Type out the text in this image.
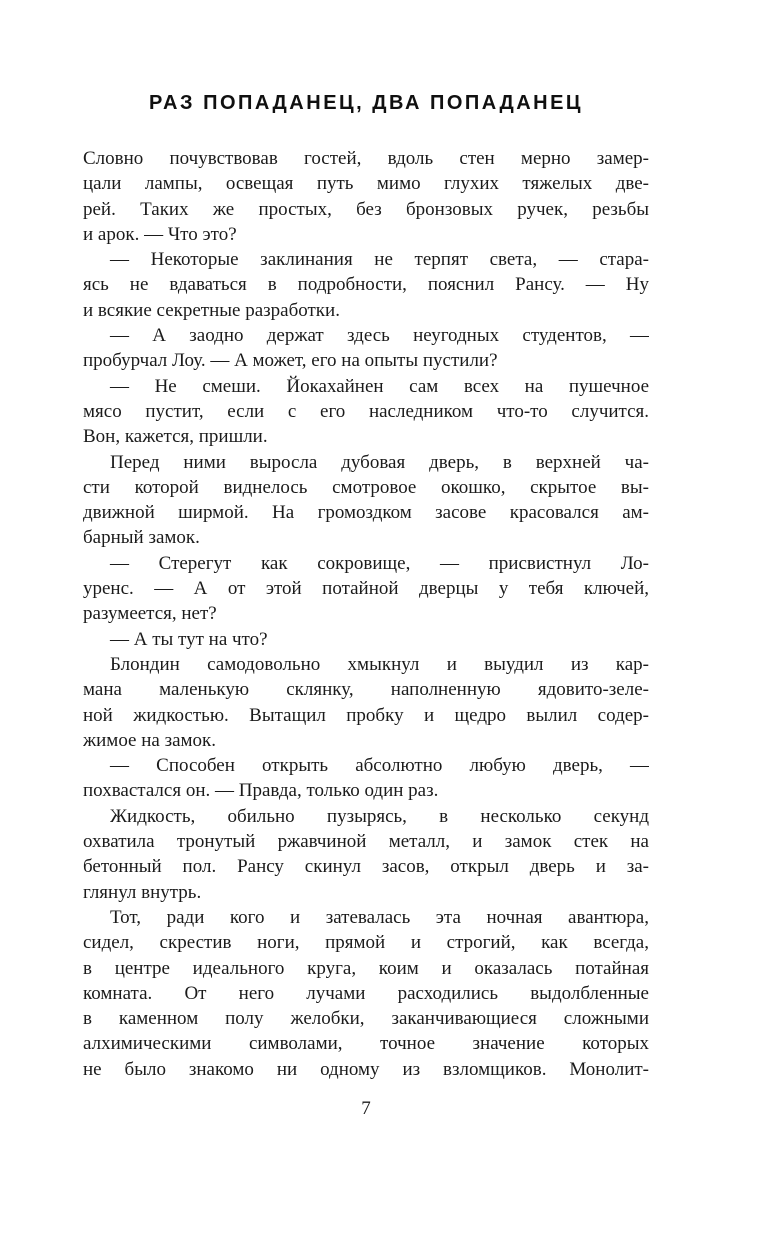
РАЗ ПОПАДАНЕЦ, ДВА ПОПАДАНЕЦ
Словно почувствовав гостей, вдоль стен мерно замер-
цали лампы, освещая путь мимо глухих тяжелых две-
рей. Таких же простых, без бронзовых ручек, резьбы
и арок. — Что это?
— Некоторые заклинания не терпят света, — стара-
ясь не вдаваться в подробности, пояснил Рансу. — Ну
и всякие секретные разработки.
— А заодно держат здесь неугодных студентов, —
пробурчал Лоу. — А может, его на опыты пустили?
— Не смеши. Йокахайнен сам всех на пушечное
мясо пустит, если с его наследником что-то случится.
Вон, кажется, пришли.
Перед ними выросла дубовая дверь, в верхней ча-
сти которой виднелось смотровое окошко, скрытое вы-
движной ширмой. На громоздком засове красовался ам-
барный замок.
— Стерегут как сокровище, — присвистнул Ло-
уренс. — А от этой потайной дверцы у тебя ключей,
разумеется, нет?
— А ты тут на что?
Блондин самодовольно хмыкнул и выудил из кар-
мана маленькую склянку, наполненную ядовито-зеле-
ной жидкостью. Вытащил пробку и щедро вылил содер-
жимое на замок.
— Способен открыть абсолютно любую дверь, —
похвастался он. — Правда, только один раз.
Жидкость, обильно пузырясь, в несколько секунд
охватила тронутый ржавчиной металл, и замок стек на
бетонный пол. Рансу скинул засов, открыл дверь и за-
глянул внутрь.
Тот, ради кого и затевалась эта ночная авантюра,
сидел, скрестив ноги, прямой и строгий, как всегда,
в центре идеального круга, коим и оказалась потайная
комната. От него лучами расходились выдолбленные
в каменном полу желобки, заканчивающиеся сложными
алхимическими символами, точное значение которых
не было знакомо ни одному из взломщиков. Монолит-
7
